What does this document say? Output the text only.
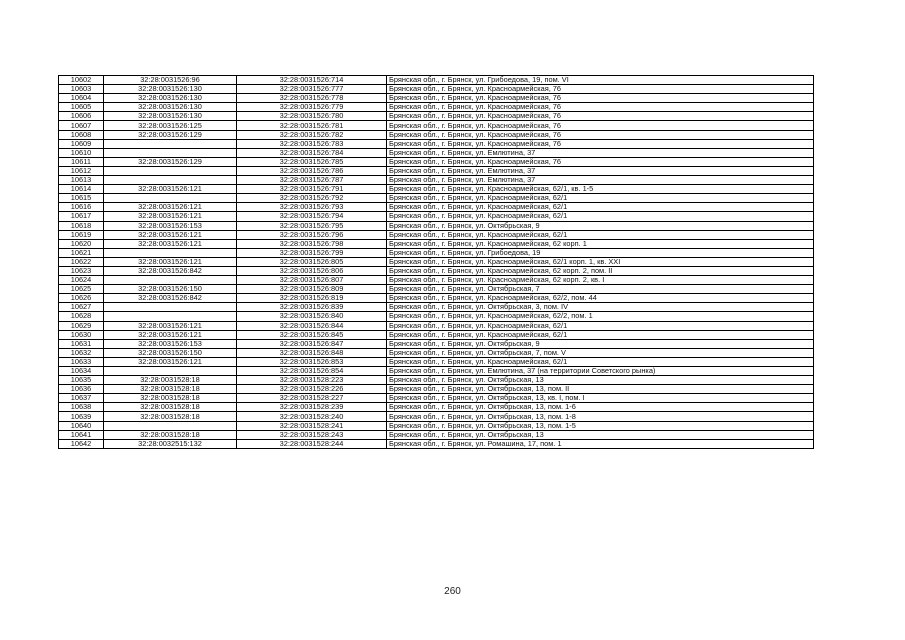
10602	32:28:0031526:96	32:28:0031526:714	Брянская обл., г. Брянск, ул. Грибоедова, 19, пом. VI
10603	32:28:0031526:130	32:28:0031526:777	Брянская обл., г. Брянск, ул. Красноармейская, 76
10604	32:28:0031526:130	32:28:0031526:778	Брянская обл., г. Брянск, ул. Красноармейская, 76
10605	32:28:0031526:130	32:28:0031526:779	Брянская обл., г. Брянск, ул. Красноармейская, 76
10606	32:28:0031526:130	32:28:0031526:780	Брянская обл., г. Брянск, ул. Красноармейская, 76
10607	32:28:0031526:125	32:28:0031526:781	Брянская обл., г. Брянск, ул. Красноармейская, 76
10608	32:28:0031526:129	32:28:0031526:782	Брянская обл., г. Брянск, ул. Красноармейская, 76
10609		32:28:0031526:783	Брянская обл., г. Брянск, ул. Красноармейская, 76
10610		32:28:0031526:784	Брянская обл., г. Брянск, ул. Емлютина, 37
10611	32:28:0031526:129	32:28:0031526:785	Брянская обл., г. Брянск, ул. Красноармейская, 76
10612		32:28:0031526:786	Брянская обл., г. Брянск, ул. Емлютина, 37
10613		32:28:0031526:787	Брянская обл., г. Брянск, ул. Емлютина, 37
10614	32:28:0031526:121	32:28:0031526:791	Брянская обл., г. Брянск, ул. Красноармейская, 62/1, кв. 1-5
10615		32:28:0031526:792	Брянская обл., г. Брянск, ул. Красноармейская, 62/1
10616	32:28:0031526:121	32:28:0031526:793	Брянская обл., г. Брянск, ул. Красноармейская, 62/1
10617	32:28:0031526:121	32:28:0031526:794	Брянская обл., г. Брянск, ул. Красноармейская, 62/1
10618	32:28:0031526:153	32:28:0031526:795	Брянская обл., г. Брянск, ул. Октябрьская, 9
10619	32:28:0031526:121	32:28:0031526:796	Брянская обл., г. Брянск, ул. Красноармейская, 62/1
10620	32:28:0031526:121	32:28:0031526:798	Брянская обл., г. Брянск, ул. Красноармейская, 62 корп. 1
10621		32:28:0031526:799	Брянская обл., г. Брянск, ул. Грибоедова, 19
10622	32:28:0031526:121	32:28:0031526:805	Брянская обл., г. Брянск, ул. Красноармейская, 62/1 корп. 1, кв. XXI
10623	32:28:0031526:842	32:28:0031526:806	Брянская обл., г. Брянск, ул. Красноармейская, 62 корп. 2, пом. II
10624		32:28:0031526:807	Брянская обл., г. Брянск, ул. Красноармейская, 62 корп. 2, кв. I
10625	32:28:0031526:150	32:28:0031526:809	Брянская обл., г. Брянск, ул. Октябрьская, 7
10626	32:28:0031526:842	32:28:0031526:819	Брянская обл., г. Брянск, ул. Красноармейская, 62/2, пом. 44
10627		32:28:0031526:839	Брянская обл., г. Брянск, ул. Октябрьская, 3, пом. IV
10628		32:28:0031526:840	Брянская обл., г. Брянск, ул. Красноармейская, 62/2, пом. 1
10629	32:28:0031526:121	32:28:0031526:844	Брянская обл., г. Брянск, ул. Красноармейская, 62/1
10630	32:28:0031526:121	32:28:0031526:845	Брянская обл., г. Брянск, ул. Красноармейская, 62/1
10631	32:28:0031526:153	32:28:0031526:847	Брянская обл., г. Брянск, ул. Октябрьская, 9
10632	32:28:0031526:150	32:28:0031526:848	Брянская обл., г. Брянск, ул. Октябрьская, 7, пом. V
10633	32:28:0031526:121	32:28:0031526:853	Брянская обл., г. Брянск, ул. Красноармейская, 62/1
10634		32:28:0031526:854	Брянская обл., г. Брянск, ул. Емлютина, 37 (на территории Советского рынка)
10635	32:28:0031528:18	32:28:0031528:223	Брянская обл., г. Брянск, ул. Октябрьская, 13
10636	32:28:0031528:18	32:28:0031528:226	Брянская обл., г. Брянск, ул. Октябрьская, 13, пом. II
10637	32:28:0031528:18	32:28:0031528:227	Брянская обл., г. Брянск, ул. Октябрьская, 13, кв. I, пом. I
10638	32:28:0031528:18	32:28:0031528:239	Брянская обл., г. Брянск, ул. Октябрьская, 13, пом. 1-6
10639	32:28:0031528:18	32:28:0031528:240	Брянская обл., г. Брянск, ул. Октябрьская, 13, пом. 1-8
10640		32:28:0031528:241	Брянская обл., г. Брянск, ул. Октябрьская, 13, пом. 1-5
10641	32:28:0031528:18	32:28:0031528:243	Брянская обл., г. Брянск, ул. Октябрьская, 13
10642	32:28:0032515:132	32:28:0031528:244	Брянская обл., г. Брянск, ул. Ромашина, 17, пом. 1
260
